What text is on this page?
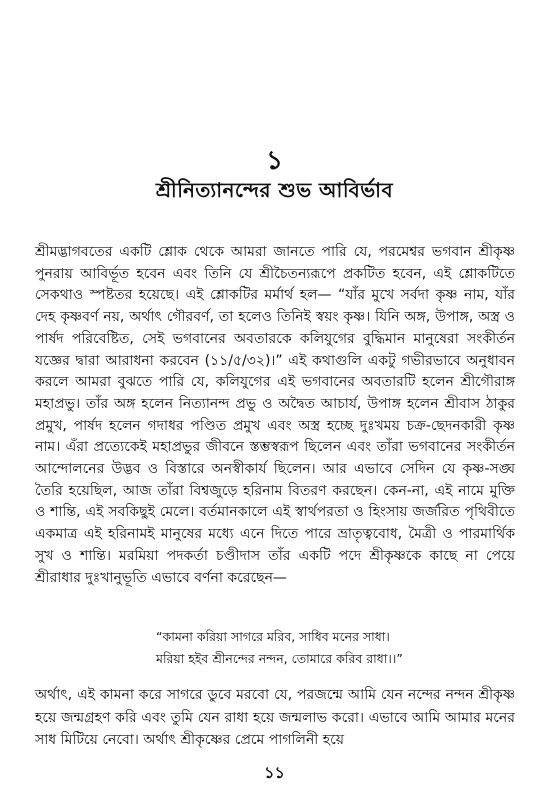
১
শ্রীনিত্যানন্দের শুভ আবির্ভাব

শ্রীমদ্ভাগবতের একটি শ্লোক থেকে আমরা জানতে পারি যে, পরমেশ্বর ভগবান শ্রীকৃষ্ণ পুনরায় আবির্ভূত হবেন এবং তিনি যে শ্রীচৈতন্যরূপে প্রকটিত হবেন, এই শ্লোকটিতে সেকথাও স্পষ্টতর হয়েছে। এই শ্লোকটির মর্মার্থ হল— “যাঁর মুখে সর্বদা কৃষ্ণ নাম, যাঁর দেহ কৃষ্ণবর্ণ নয়, অর্থাৎ গৌরবর্ণ, তা হলেও তিনিই স্বয়ং কৃষ্ণ। যিনি অঙ্গ, উপাঙ্গ, অস্ত্র ও পার্ষদ পরিবেষ্টিত, সেই ভগবানের অবতারকে কলিযুগের বুদ্ধিমান মানুষেরা সংকীর্তন যজ্ঞের দ্বারা আরাধনা করবেন (১১/৫/৩২)।” এই কথাগুলি একটু গভীরভাবে অনুধাবন করলে আমরা বুঝতে পারি যে, কলিযুগের এই ভগবানের অবতারটি হলেন শ্রীগৌরাঙ্গ মহাপ্রভু। তাঁর অঙ্গ হলেন নিত্যানন্দ প্রভু ও অদ্বৈত আচার্য, উপাঙ্গ হলেন শ্রীবাস ঠাকুর প্রমুখ, পার্ষদ হলেন গদাধর পণ্ডিত প্রমুখ এবং অস্ত্র হচ্ছে দুঃখময় চক্র-ছেদনকারী কৃষ্ণ নাম। এঁরা প্রত্যেকেই মহাপ্রভুর জীবনে স্তম্ভস্বরূপ ছিলেন এবং তাঁরা ভগবানের সংকীর্তন আন্দোলনের উদ্ভব ও বিস্তারে অনস্বীকার্য ছিলেন। আর এভাবে সেদিন যে কৃষ্ণ-সঙ্ঘ তৈরি হয়েছিল, আজ তাঁরা বিশ্বজুড়ে হরিনাম বিতরণ করছেন। কেন-না, এই নামে মুক্তি ও শান্তি, এই সবকিছুই মেলে। বর্তমানকালে এই স্বার্থপরতা ও হিংসায় জর্জরিত পৃথিবীতে একমাত্র এই হরিনামই মানুষের মধ্যে এনে দিতে পারে ভ্রাতৃত্ববোধ, মৈত্রী ও পারমার্থিক সুখ ও শান্তি। মরমিয়া পদকর্তা চণ্ডীদাস তাঁর একটি পদে শ্রীকৃষ্ণকে কাছে না পেয়ে শ্রীরাধার দুঃখানুভূতি এভাবে বর্ণনা করেছেন—

“কামনা করিয়া সাগরে মরিব, সাধিব মনের সাধা।
মরিয়া হইব শ্রীনন্দের নন্দন, তোমারে করিব রাধা।।”

অর্থাৎ, এই কামনা করে সাগরে ডুবে মরবো যে, পরজন্মে আমি যেন নন্দের নন্দন শ্রীকৃষ্ণ হয়ে জন্মগ্রহণ করি এবং তুমি যেন রাধা হয়ে জন্মলাভ করো। এভাবে আমি আমার মনের সাধ মিটিয়ে নেবো। অর্থাৎ শ্রীকৃষ্ণের প্রেমে পাগলিনী হয়ে

১১
